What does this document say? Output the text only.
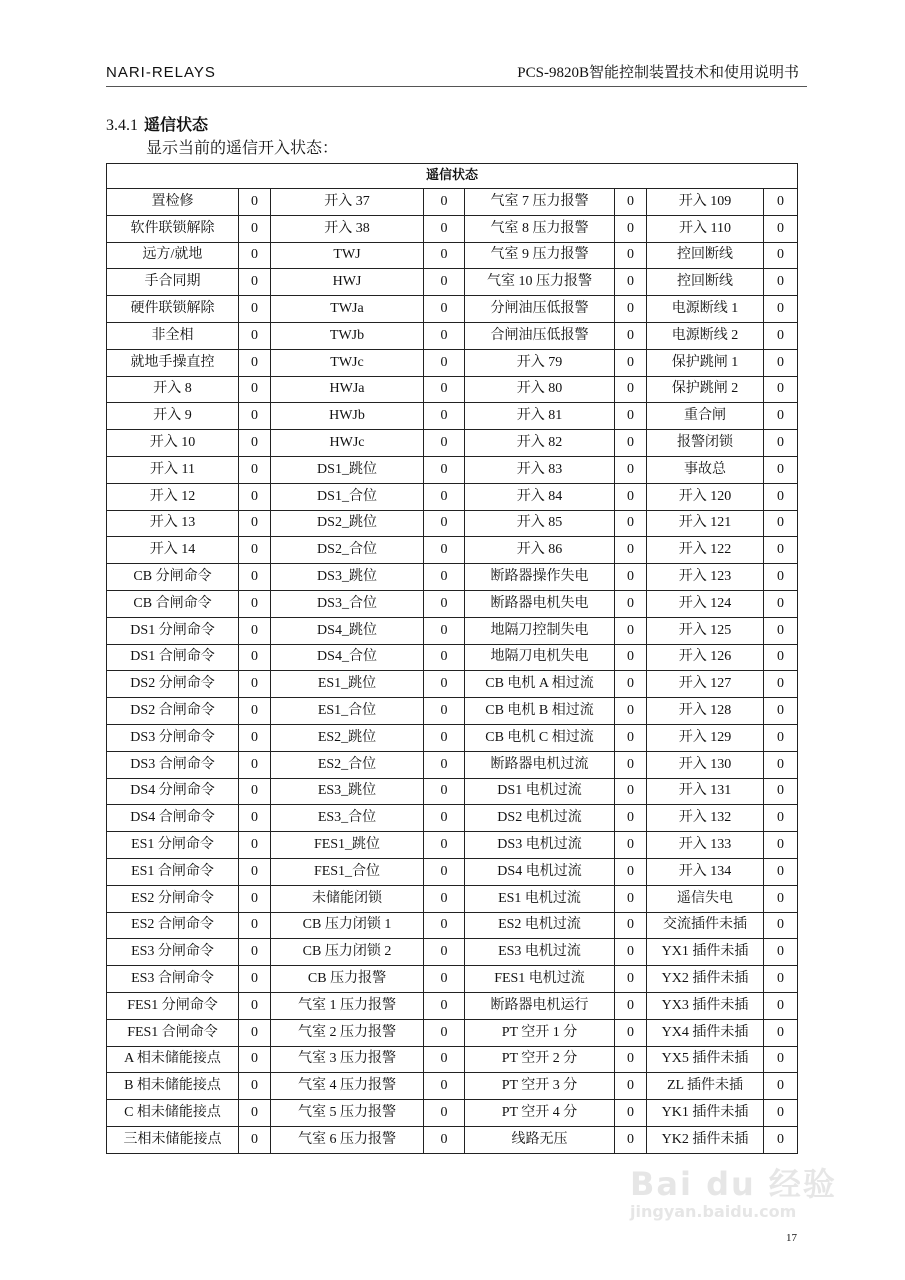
NARI-RELAYS	PCS-9820B智能控制装置技术和使用说明书
3.4.1 遥信状态
显示当前的遥信开入状态：
遥信状态							
置检修	0	开入 37	0	气室 7 压力报警	0	开入 109	0
软件联锁解除	0	开入 38	0	气室 8 压力报警	0	开入 110	0
远方/就地	0	TWJ	0	气室 9 压力报警	0	控回断线	0
手合同期	0	HWJ	0	气室 10 压力报警	0	控回断线	0
硬件联锁解除	0	TWJa	0	分闸油压低报警	0	电源断线 1	0
非全相	0	TWJb	0	合闸油压低报警	0	电源断线 2	0
就地手操直控	0	TWJc	0	开入 79	0	保护跳闸 1	0
开入 8	0	HWJa	0	开入 80	0	保护跳闸 2	0
开入 9	0	HWJb	0	开入 81	0	重合闸	0
开入 10	0	HWJc	0	开入 82	0	报警闭锁	0
开入 11	0	DS1_跳位	0	开入 83	0	事故总	0
开入 12	0	DS1_合位	0	开入 84	0	开入 120	0
开入 13	0	DS2_跳位	0	开入 85	0	开入 121	0
开入 14	0	DS2_合位	0	开入 86	0	开入 122	0
CB 分闸命令	0	DS3_跳位	0	断路器操作失电	0	开入 123	0
CB 合闸命令	0	DS3_合位	0	断路器电机失电	0	开入 124	0
DS1 分闸命令	0	DS4_跳位	0	地隔刀控制失电	0	开入 125	0
DS1 合闸命令	0	DS4_合位	0	地隔刀电机失电	0	开入 126	0
DS2 分闸命令	0	ES1_跳位	0	CB 电机 A 相过流	0	开入 127	0
DS2 合闸命令	0	ES1_合位	0	CB 电机 B 相过流	0	开入 128	0
DS3 分闸命令	0	ES2_跳位	0	CB 电机 C 相过流	0	开入 129	0
DS3 合闸命令	0	ES2_合位	0	断路器电机过流	0	开入 130	0
DS4 分闸命令	0	ES3_跳位	0	DS1 电机过流	0	开入 131	0
DS4 合闸命令	0	ES3_合位	0	DS2 电机过流	0	开入 132	0
ES1 分闸命令	0	FES1_跳位	0	DS3 电机过流	0	开入 133	0
ES1 合闸命令	0	FES1_合位	0	DS4 电机过流	0	开入 134	0
ES2 分闸命令	0	未储能闭锁	0	ES1 电机过流	0	遥信失电	0
ES2 合闸命令	0	CB 压力闭锁 1	0	ES2 电机过流	0	交流插件未插	0
ES3 分闸命令	0	CB 压力闭锁 2	0	ES3 电机过流	0	YX1 插件未插	0
ES3 合闸命令	0	CB 压力报警	0	FES1 电机过流	0	YX2 插件未插	0
FES1 分闸命令	0	气室 1 压力报警	0	断路器电机运行	0	YX3 插件未插	0
FES1 合闸命令	0	气室 2 压力报警	0	PT 空开 1 分	0	YX4 插件未插	0
A 相未储能接点	0	气室 3 压力报警	0	PT 空开 2 分	0	YX5 插件未插	0
B 相未储能接点	0	气室 4 压力报警	0	PT 空开 3 分	0	ZL 插件未插	0
C 相未储能接点	0	气室 5 压力报警	0	PT 空开 4 分	0	YK1 插件未插	0
三相未储能接点	0	气室 6 压力报警	0	线路无压	0	YK2 插件未插	0
Bai du 经验
jingyan.baidu.com
17
